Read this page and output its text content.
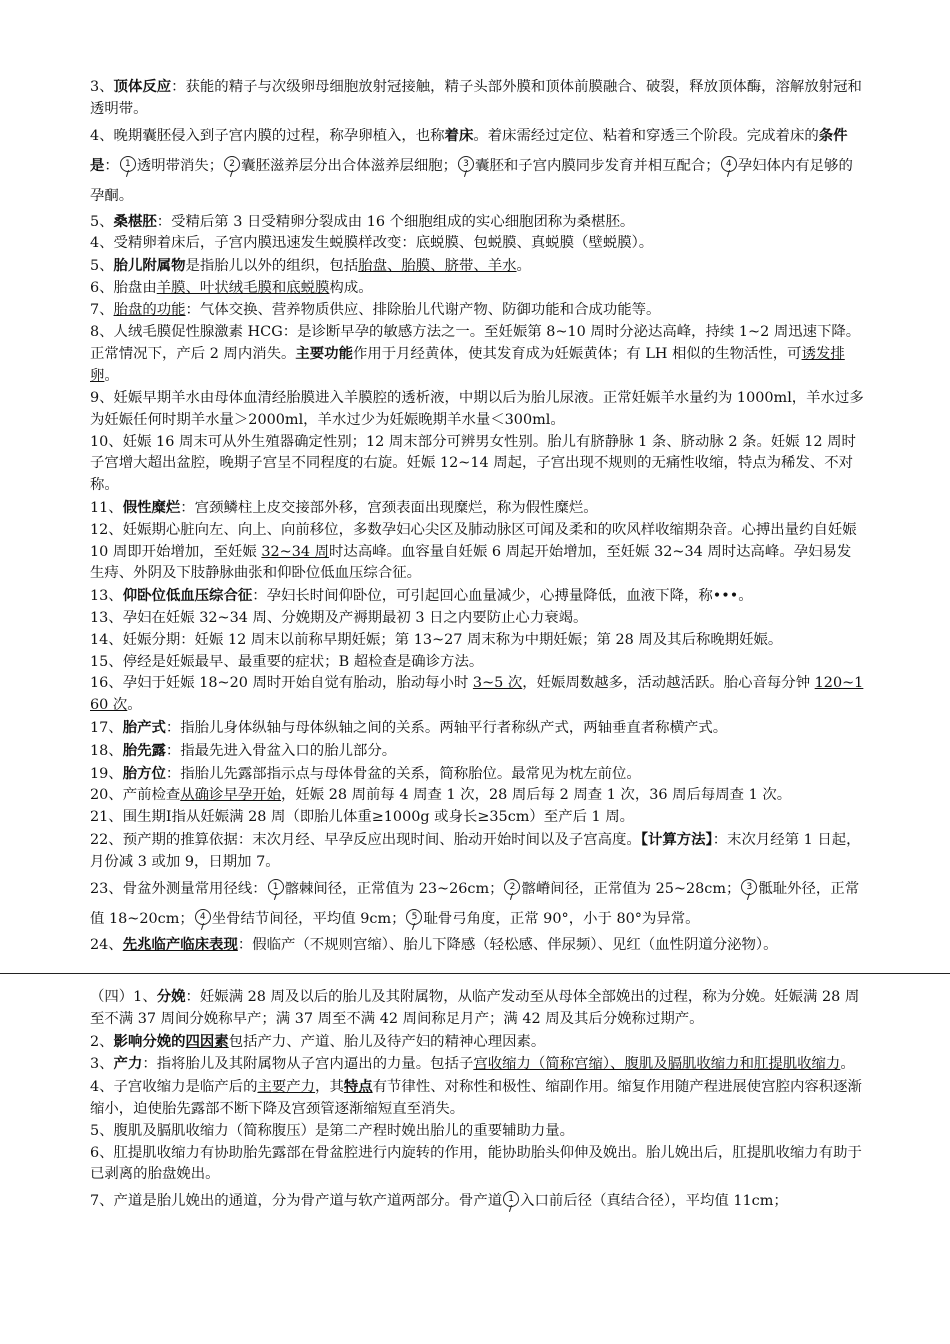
3、顶体反应：获能的精子与次级卵母细胞放射冠接触，精子头部外膜和顶体前膜融合、破裂，释放顶体酶，溶解放射冠和透明带。

4、晚期囊胚侵入到子宫内膜的过程，称孕卵植入，也称着床。着床需经过定位、粘着和穿透三个阶段。完成着床的条件是： 1 透明带消失； 2 囊胚滋养层分出合体滋养层细胞； 3 囊胚和子宫内膜同步发育并相互配合； 4 孕妇体内有足够的孕酮。

5、桑椹胚：受精后第 3 日受精卵分裂成由 16 个细胞组成的实心细胞团称为桑椹胚。

4、受精卵着床后，子宫内膜迅速发生蜕膜样改变：底蜕膜、包蜕膜、真蜕膜（壁蜕膜）。

5、胎儿附属物是指胎儿以外的组织，包括胎盘、胎膜、脐带、羊水。

6、胎盘由羊膜、叶状绒毛膜和底蜕膜构成。

7、胎盘的功能：气体交换、营养物质供应、排除胎儿代谢产物、防御功能和合成功能等。

8、人绒毛膜促性腺激素 HCG：是诊断早孕的敏感方法之一。至妊娠第 8~10 周时分泌达高峰，持续 1~2 周迅速下降。正常情况下，产后 2 周内消失。主要功能作用于月经黄体，使其发育成为妊娠黄体；有 LH 相似的生物活性，可诱发排卵。

9、妊娠早期羊水由母体血清经胎膜进入羊膜腔的透析液，中期以后为胎儿尿液。正常妊娠羊水量约为 1000ml，羊水过多为妊娠任何时期羊水量＞2000ml，羊水过少为妊娠晚期羊水量＜300ml。

10、妊娠 16 周末可从外生殖器确定性别；12 周末部分可辨男女性别。胎儿有脐静脉 1 条、脐动脉 2 条。妊娠 12 周时子宫增大超出盆腔，晚期子宫呈不同程度的右旋。妊娠 12~14 周起，子宫出现不规则的无痛性收缩，特点为稀发、不对称。

11、假性糜烂：宫颈鳞柱上皮交接部外移，宫颈表面出现糜烂，称为假性糜烂。

12、妊娠期心脏向左、向上、向前移位，多数孕妇心尖区及肺动脉区可闻及柔和的吹风样收缩期杂音。心搏出量约自妊娠 10 周即开始增加，至妊娠 32~34 周时达高峰。血容量自妊娠 6 周起开始增加，至妊娠 32~34 周时达高峰。孕妇易发生痔、外阴及下肢静脉曲张和仰卧位低血压综合征。

13、仰卧位低血压综合征：孕妇长时间仰卧位，可引起回心血量减少，心搏量降低，血液下降，称•••。

13、孕妇在妊娠 32~34 周、分娩期及产褥期最初 3 日之内要防止心力衰竭。

14、妊娠分期：妊娠 12 周末以前称早期妊娠；第 13~27 周末称为中期妊娠；第 28 周及其后称晚期妊娠。

15、停经是妊娠最早、最重要的症状；B 超检查是确诊方法。

16、孕妇于妊娠 18~20 周时开始自觉有胎动，胎动每小时 3~5 次，妊娠周数越多，活动越活跃。胎心音每分钟 120~160 次。

17、胎产式：指胎儿身体纵轴与母体纵轴之间的关系。两轴平行者称纵产式，两轴垂直者称横产式。

18、胎先露：指最先进入骨盆入口的胎儿部分。

19、胎方位：指胎儿先露部指示点与母体骨盆的关系，简称胎位。最常见为枕左前位。

20、产前检查从确诊早孕开始，妊娠 28 周前每 4 周查 1 次，28 周后每 2 周查 1 次，36 周后每周查 1 次。

21、围生期Ⅰ指从妊娠满 28 周（即胎儿体重≥1000g 或身长≥35cm）至产后 1 周。

22、预产期的推算依据：末次月经、早孕反应出现时间、胎动开始时间以及子宫高度。【计算方法】：末次月经第 1 日起，月份减 3 或加 9，日期加 7。

23、骨盆外测量常用径线： 1 髂棘间径，正常值为 23~26cm； 2 髂嵴间径，正常值为 25~28cm； 3 骶耻外径，正常值 18~20cm； 4 坐骨结节间径，平均值 9cm； 5 耻骨弓角度，正常 90°，小于 80°为异常。

24、先兆临产临床表现：假临产（不规则宫缩）、胎儿下降感（轻松感、伴尿频）、见红（血性阴道分泌物）。

（四）1、分娩：妊娠满 28 周及以后的胎儿及其附属物，从临产发动至从母体全部娩出的过程，称为分娩。妊娠满 28 周至不满 37 周间分娩称早产；满 37 周至不满 42 周间称足月产；满 42 周及其后分娩称过期产。

2、影响分娩的四因素包括产力、产道、胎儿及待产妇的精神心理因素。

3、产力：指将胎儿及其附属物从子宫内逼出的力量。包括子宫收缩力（简称宫缩）、腹肌及膈肌收缩力和肛提肌收缩力。

4、子宫收缩力是临产后的主要产力，其特点有节律性、对称性和极性、缩副作用。缩复作用随产程进展使宫腔内容积逐渐缩小，迫使胎先露部不断下降及宫颈管逐渐缩短直至消失。

5、腹肌及膈肌收缩力（简称腹压）是第二产程时娩出胎儿的重要辅助力量。

6、肛提肌收缩力有协助胎先露部在骨盆腔进行内旋转的作用，能协助胎头仰伸及娩出。胎儿娩出后，肛提肌收缩力有助于已剥离的胎盘娩出。

7、产道是胎儿娩出的通道，分为骨产道与软产道两部分。骨产道 1 入口前后径（真结合径），平均值 11cm；
